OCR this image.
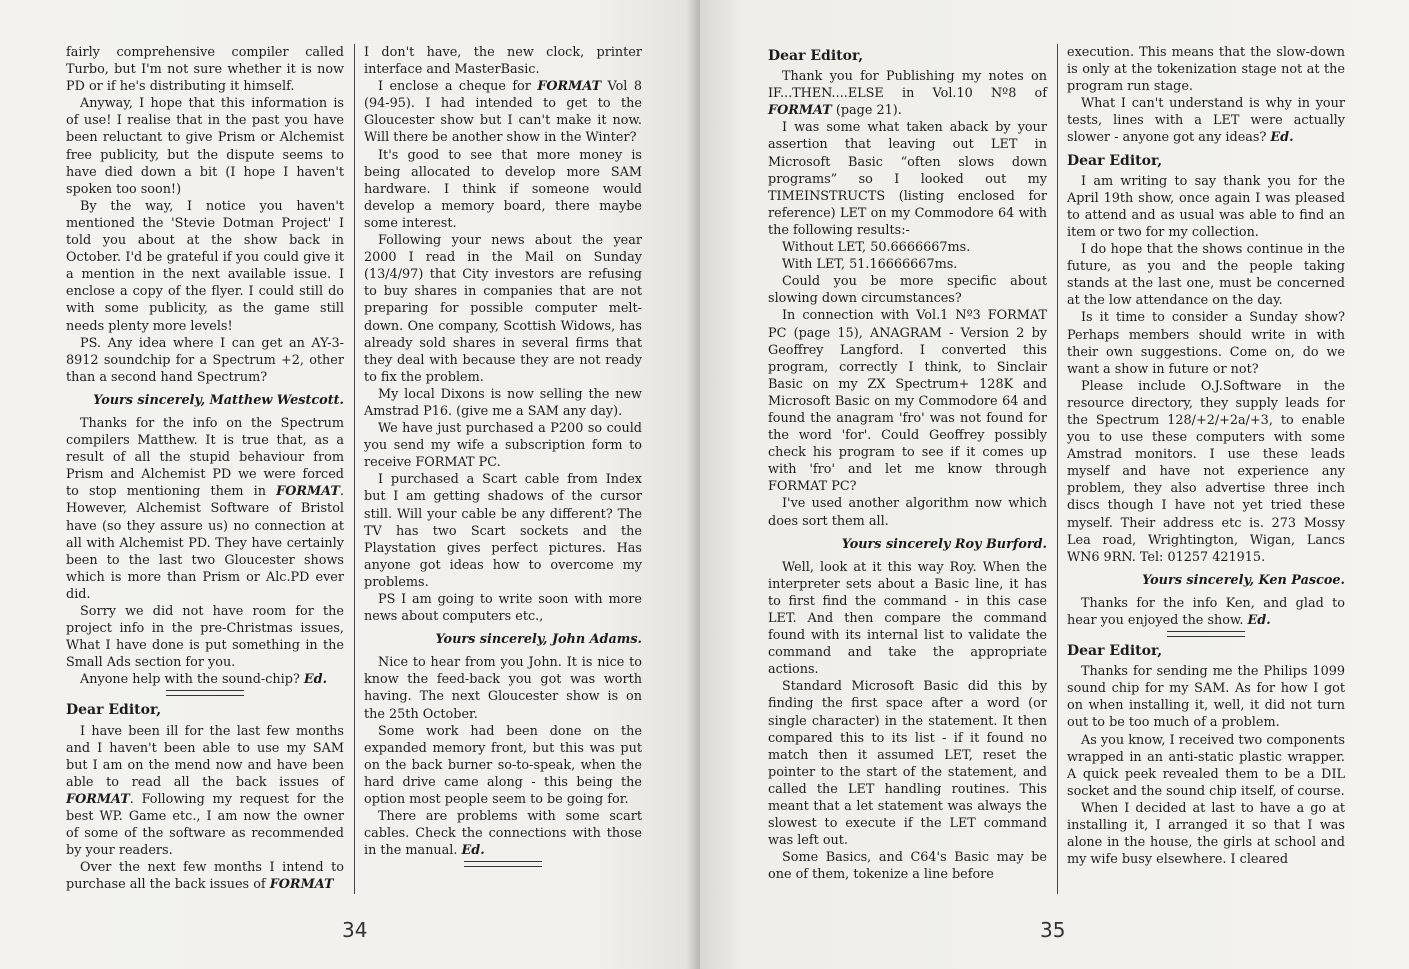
fairly comprehensive compiler called Turbo, but I'm not sure whether it is now PD or if he's distributing it himself.

Anyway, I hope that this information is of use! I realise that in the past you have been reluctant to give Prism or Alchemist free publicity, but the dispute seems to have died down a bit (I hope I haven't spoken too soon!)

By the way, I notice you haven't mentioned the 'Stevie Dotman Project' I told you about at the show back in October. I'd be grateful if you could give it a mention in the next available issue. I enclose a copy of the flyer. I could still do with some publicity, as the game still needs plenty more levels!

PS. Any idea where I can get an AY-3-8912 soundchip for a Spectrum +2, other than a second hand Spectrum?

Yours sincerely, Matthew Westcott.

Thanks for the info on the Spectrum compilers Matthew. It is true that, as a result of all the stupid behaviour from Prism and Alchemist PD we were forced to stop mentioning them in FORMAT. However, Alchemist Software of Bristol have (so they assure us) no connection at all with Alchemist PD. They have certainly been to the last two Gloucester shows which is more than Prism or Alc.PD ever did.

Sorry we did not have room for the project info in the pre-Christmas issues, What I have done is put something in the Small Ads section for you.

Anyone help with the sound-chip? Ed.

Dear Editor,

I have been ill for the last few months and I haven't been able to use my SAM but I am on the mend now and have been able to read all the back issues of FORMAT. Following my request for the best WP. Game etc., I am now the owner of some of the software as recommended by your readers.

Over the next few months I intend to purchase all the back issues of FORMAT

I don't have, the new clock, printer interface and MasterBasic.

I enclose a cheque for FORMAT Vol 8 (94-95). I had intended to get to the Gloucester show but I can't make it now. Will there be another show in the Winter?

It's good to see that more money is being allocated to develop more SAM hardware. I think if someone would develop a memory board, there maybe some interest.

Following your news about the year 2000 I read in the Mail on Sunday (13/4/97) that City investors are refusing to buy shares in companies that are not preparing for possible computer melt-down. One company, Scottish Widows, has already sold shares in several firms that they deal with because they are not ready to fix the problem.

My local Dixons is now selling the new Amstrad P16. (give me a SAM any day).

We have just purchased a P200 so could you send my wife a subscription form to receive FORMAT PC.

I purchased a Scart cable from Index but I am getting shadows of the cursor still. Will your cable be any different? The TV has two Scart sockets and the Playstation gives perfect pictures. Has anyone got ideas how to overcome my problems.

PS I am going to write soon with more news about computers etc.,

Yours sincerely, John Adams.

Nice to hear from you John. It is nice to know the feed-back you got was worth having. The next Gloucester show is on the 25th October.

Some work had been done on the expanded memory front, but this was put on the back burner so-to-speak, when the hard drive came along - this being the option most people seem to be going for.

There are problems with some scart cables. Check the connections with those in the manual. Ed.

34
Dear Editor,

Thank you for Publishing my notes on IF...THEN....ELSE in Vol.10 Nº8 of FORMAT (page 21).

I was some what taken aback by your assertion that leaving out LET in Microsoft Basic “often slows down programs” so I looked out my TIMEINSTRUCTS (listing enclosed for reference) LET on my Commodore 64 with the following results:-

Without LET, 50.6666667ms.

With LET, 51.16666667ms.

Could you be more specific about slowing down circumstances?

In connection with Vol.1 Nº3 FORMAT PC (page 15), ANAGRAM - Version 2 by Geoffrey Langford. I converted this program, correctly I think, to Sinclair Basic on my ZX Spectrum+ 128K and Microsoft Basic on my Commodore 64 and found the anagram 'fro' was not found for the word 'for'. Could Geoffrey possibly check his program to see if it comes up with 'fro' and let me know through FORMAT PC?

I've used another algorithm now which does sort them all.

Yours sincerely Roy Burford.

Well, look at it this way Roy. When the interpreter sets about a Basic line, it has to first find the command - in this case LET. And then compare the command found with its internal list to validate the command and take the appropriate actions.

Standard Microsoft Basic did this by finding the first space after a word (or single character) in the statement. It then compared this to its list - if it found no match then it assumed LET, reset the pointer to the start of the statement, and called the LET handling routines. This meant that a let statement was always the slowest to execute if the LET command was left out.

Some Basics, and C64's Basic may be one of them, tokenize a line before

execution. This means that the slow-down is only at the tokenization stage not at the program run stage.

What I can't understand is why in your tests, lines with a LET were actually slower - anyone got any ideas? Ed.

Dear Editor,

I am writing to say thank you for the April 19th show, once again I was pleased to attend and as usual was able to find an item or two for my collection.

I do hope that the shows continue in the future, as you and the people taking stands at the last one, must be concerned at the low attendance on the day.

Is it time to consider a Sunday show? Perhaps members should write in with their own suggestions. Come on, do we want a show in future or not?

Please include O.J.Software in the resource directory, they supply leads for the Spectrum 128/+2/+2a/+3, to enable you to use these computers with some Amstrad monitors. I use these leads myself and have not experience any problem, they also advertise three inch discs though I have not yet tried these myself. Their address etc is. 273 Mossy Lea road, Wrightington, Wigan, Lancs WN6 9RN. Tel: 01257 421915.

Yours sincerely, Ken Pascoe.

Thanks for the info Ken, and glad to hear you enjoyed the show. Ed.

Dear Editor,

Thanks for sending me the Philips 1099 sound chip for my SAM. As for how I got on when installing it, well, it did not turn out to be too much of a problem.

As you know, I received two components wrapped in an anti-static plastic wrapper. A quick peek revealed them to be a DIL socket and the sound chip itself, of course.

When I decided at last to have a go at installing it, I arranged it so that I was alone in the house, the girls at school and my wife busy elsewhere. I cleared

35
